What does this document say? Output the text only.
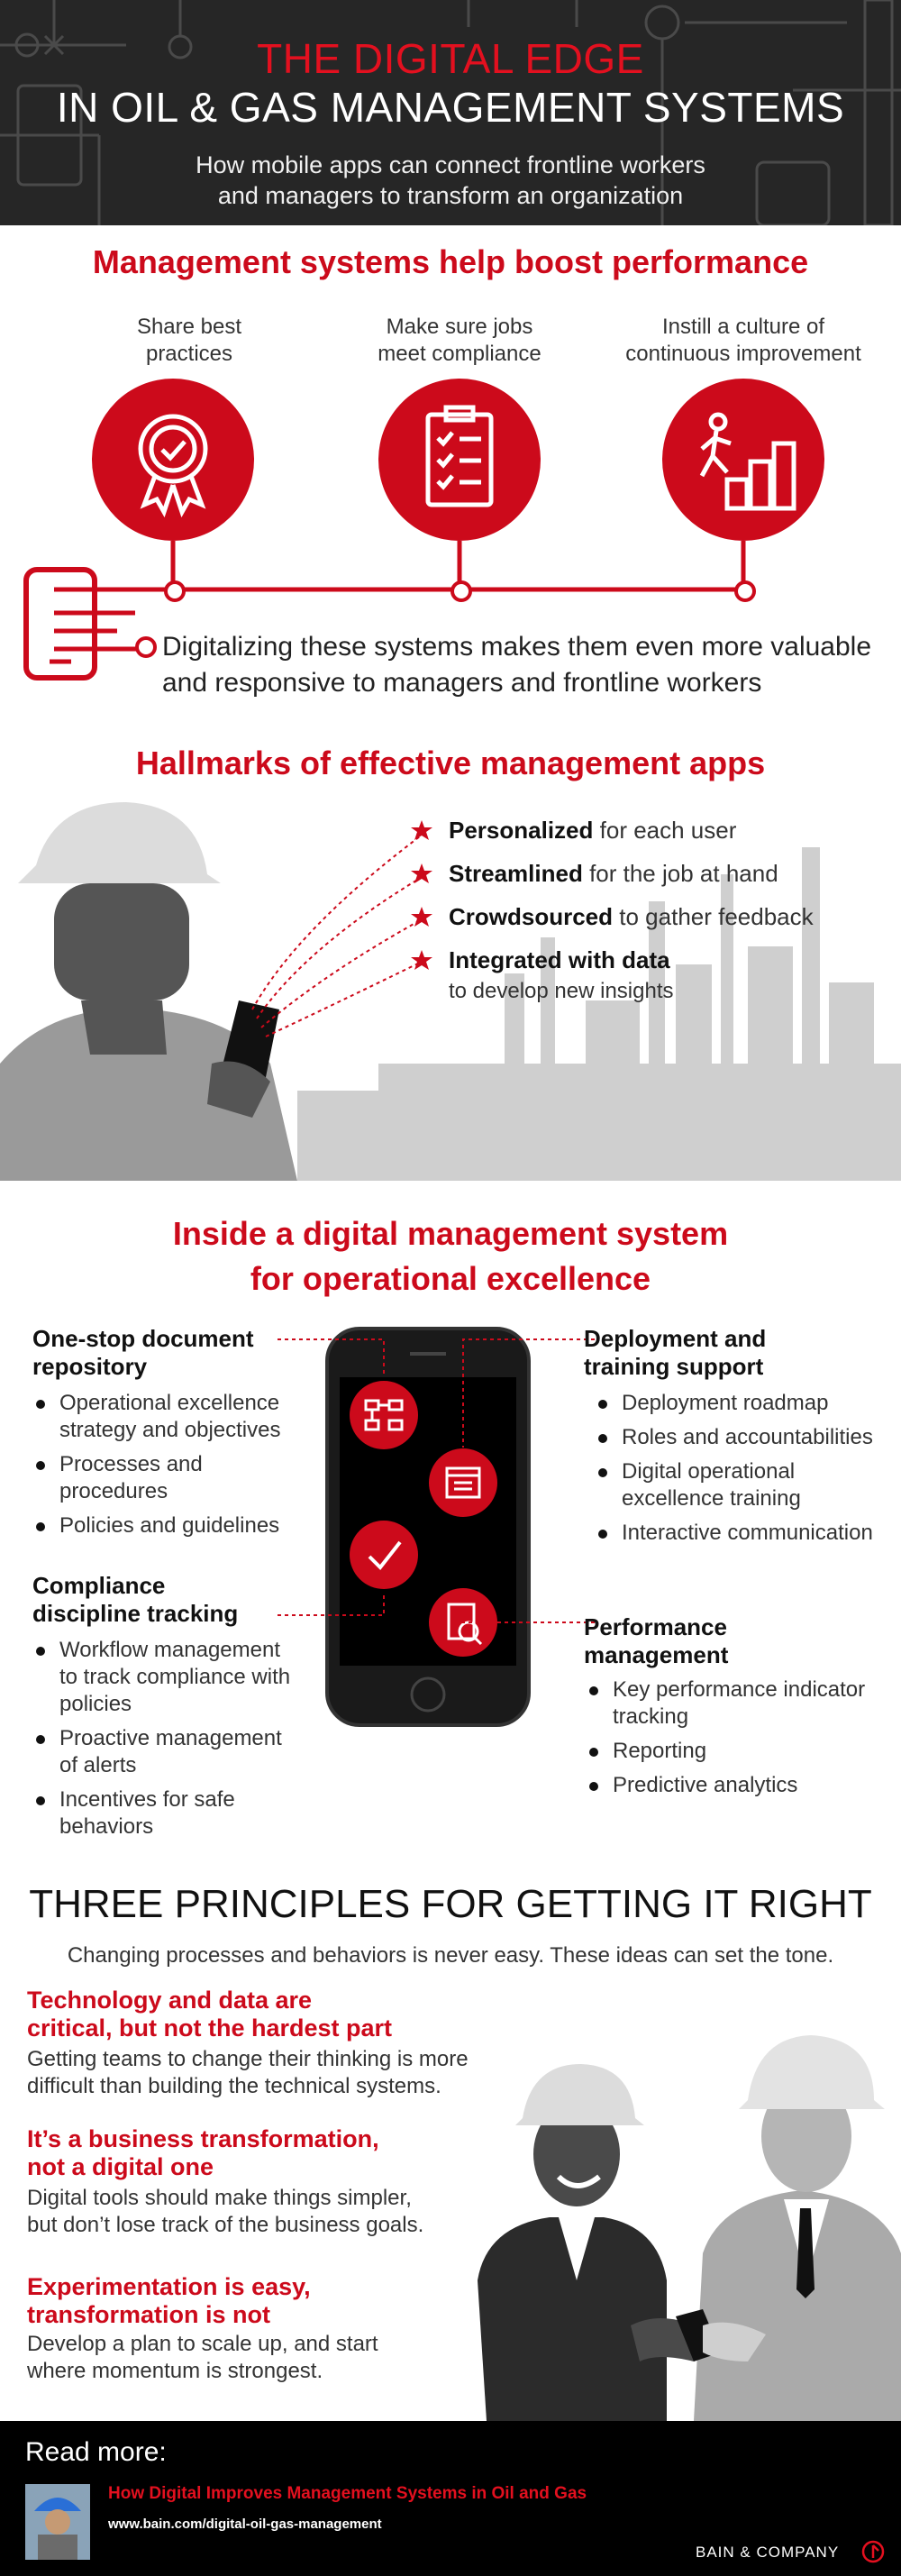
THE DIGITAL EDGE
IN OIL & GAS MANAGEMENT SYSTEMS
How mobile apps can connect frontline workers
and managers to transform an organization
Management systems help boost performance
Share best
practices
Make sure jobs
meet compliance
Instill a culture of
continuous improvement
Digitalizing these systems makes them even more valuable
and responsive to managers and frontline workers
Hallmarks of effective management apps
Personalized for each user
Streamlined for the job at hand
Crowdsourced to gather feedback
Integrated with data
to develop new insights
Inside a digital management system
for operational excellence
One-stop document
repository
Operational excellence strategy and objectives
Processes and procedures
Policies and guidelines
Compliance
discipline tracking
Workflow management to track compliance with policies
Proactive management of alerts
Incentives for safe behaviors
Deployment and
training support
Deployment roadmap
Roles and accountabilities
Digital operational excellence training
Interactive communication
Performance
management
Key performance indicator tracking
Reporting
Predictive analytics
THREE PRINCIPLES FOR GETTING IT RIGHT
Changing processes and behaviors is never easy. These ideas can set the tone.
Technology and data are
critical, but not the hardest part
Getting teams to change their thinking is more
difficult than building the technical systems.
It’s a business transformation,
not a digital one
Digital tools should make things simpler,
but don’t lose track of the business goals.
Experimentation is easy,
transformation is not
Develop a plan to scale up, and start
where momentum is strongest.
Read more:
How Digital Improves Management Systems in Oil and Gas
www.bain.com/digital-oil-gas-management
BAIN & COMPANY
